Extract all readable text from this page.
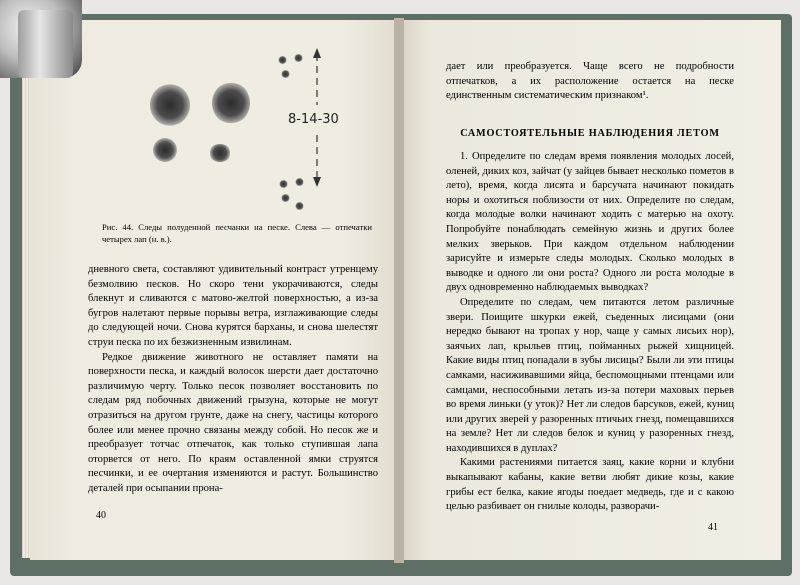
8-14-30
Рис. 44. Следы полуденной песчанки на песке. Слева — отпечатки четырех лап (н. в.).

дневного света, составляют удивительный контраст утренцему безмолвию песков. Но скоро тени укорачиваются, следы блекнут и сливаются с матово-желтой поверхностью, а из-за бугров налетают первые порывы ветра, изглаживающие следы до следующей ночи. Снова курятся барханы, и снова шелестят струи песка по их безжизненным извилинам.

Редкое движение животного не оставляет памяти на поверхности песка, и каждый волосок шерсти дает достаточно различимую черту. Только песок позволяет восстановить по следам ряд побочных движений грызуна, которые не могут отразиться на другом грунте, даже на снегу, частицы которого более или менее прочно связаны между собой. Но песок же и преобразует тотчас отпечаток, как только ступившая лапа оторвется от него. По краям оставленной ямки струятся песчинки, и ее очертания изменяются и растут. Большинство деталей при осыпании прона-

40
дает или преобразуется. Чаще всего не подробности отпечатков, а их расположение остается на песке единственным систематическим признаком¹.
САМОСТОЯТЕЛЬНЫЕ НАБЛЮДЕНИЯ ЛЕТОМ

1. Определите по следам время появления молодых лосей, оленей, диких коз, зайчат (у зайцев бывает несколько пометов в лето), время, когда лисята и барсучата начинают покидать норы и охотиться поблизости от них. Определите по следам, когда молодые волки начинают ходить с матерью на охоту. Попробуйте понаблюдать семейную жизнь и других более мелких зверьков. При каждом отдельном наблюдении зарисуйте и измерьте следы молодых. Сколько молодых в выводке и одного ли они роста? Одного ли роста молодые в двух одновременно наблюдаемых выводках?

Определите по следам, чем питаются летом различные звери. Поищите шкурки ежей, съеденных лисицами (они нередко бывают на тропах у нор, чаще у самых лисьих нор), заячьих лап, крыльев птиц, пойманных рыжей хищницей. Какие виды птиц попадали в зубы лисицы? Были ли эти птицы самками, насиживавшими яйца, беспомощными птенцами или самцами, неспособными летать из-за потери маховых перьев во время линьки (у уток)? Нет ли следов барсуков, ежей, куниц или других зверей у разоренных птичьих гнезд, помещавшихся на земле? Нет ли следов белок и куниц у разоренных гнезд, находившихся в дуплах?

Какими растениями питается заяц, какие корни и клубни выкапывают кабаны, какие ветви любят дикие козы, какие грибы ест белка, какие ягоды поедает медведь, где и с какою целью разбивает он гнилые колоды, разворачи-

41
